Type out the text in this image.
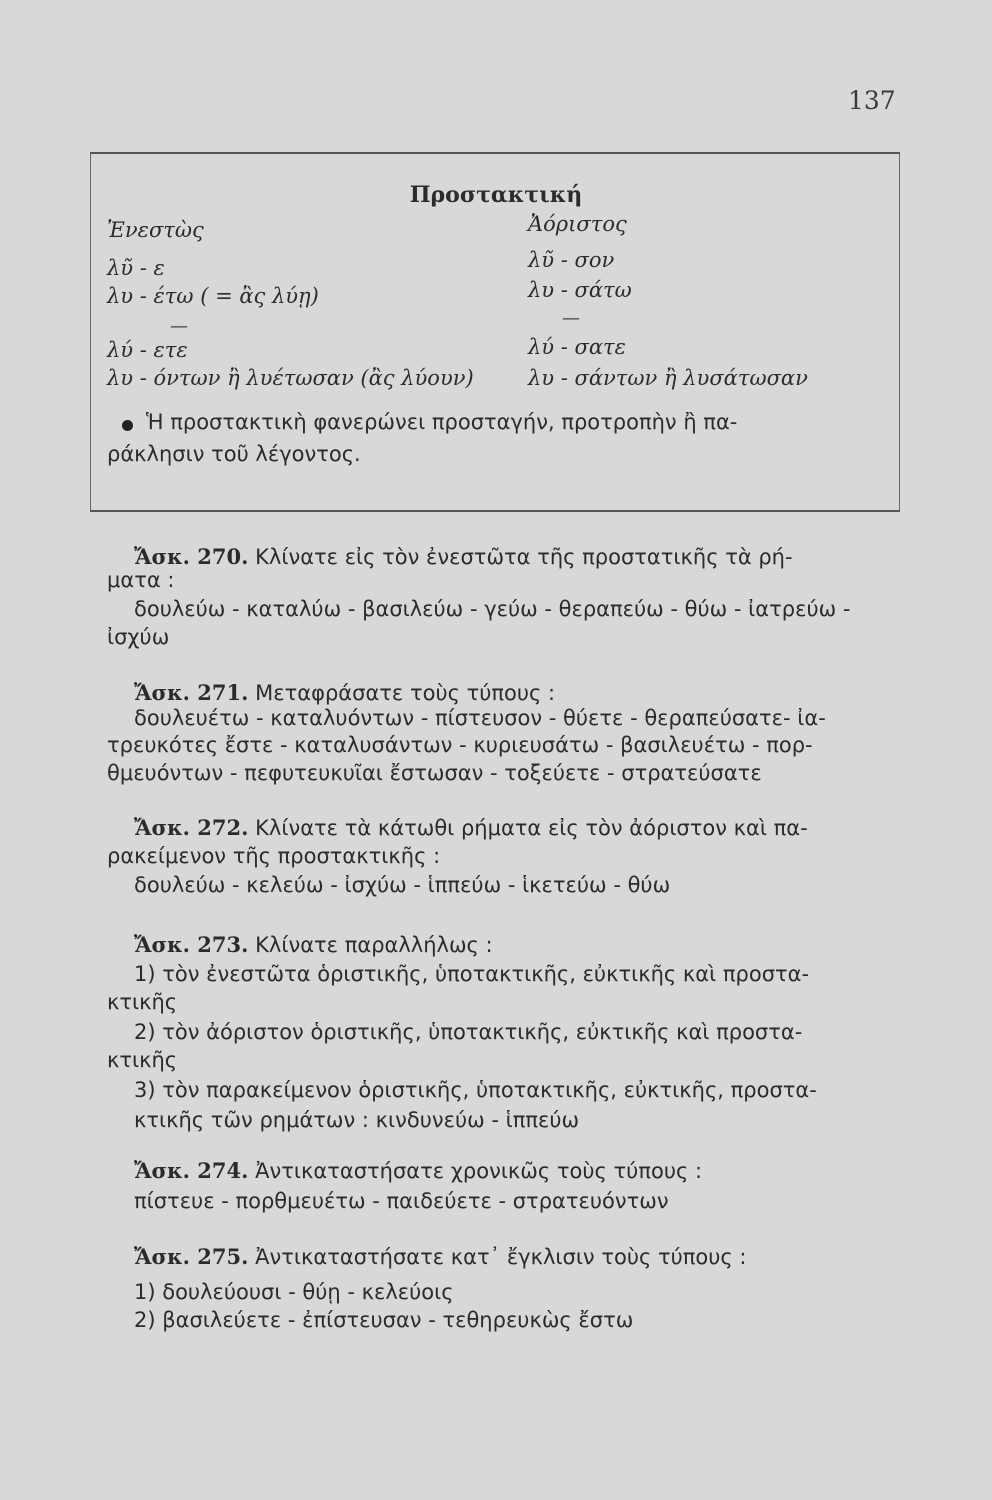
137
Προστακτική
Ἐνεστὼς
λῦ - ε
λυ - έτω ( = ἂς λύῃ)
—
λύ - ετε
λυ - όντων ἢ λυέτωσαν (ἂς λύουν)
Ἀόριστος
λῦ - σον
λυ - σάτω
—
λύ - σατε
λυ - σάντων ἢ λυσάτωσαν
Ἡ προστακτικὴ φανερώνει προσταγήν, προτροπὴν ἢ πα-
ράκλησιν τοῦ λέγοντος.
Ἄσκ. 270. Κλίνατε εἰς τὸν ἐνεστῶτα τῆς προστατικῆς τὰ ρή-
ματα :
δουλεύω - καταλύω - βασιλεύω - γεύω - θεραπεύω - θύω - ἰατρεύω -
ἰσχύω
Ἄσκ. 271. Μεταφράσατε τοὺς τύπους :
δουλευέτω - καταλυόντων - πίστευσον - θύετε - θεραπεύσατε- ἰα-
τρευκότες ἔστε - καταλυσάντων - κυριευσάτω - βασιλευέτω - πορ-
θμευόντων - πεφυτευκυῖαι ἔστωσαν - τοξεύετε - στρατεύσατε
Ἄσκ. 272. Κλίνατε τὰ κάτωθι ρήματα εἰς τὸν ἀόριστον καὶ πα-
ρακείμενον τῆς προστακτικῆς :
δουλεύω - κελεύω - ἰσχύω - ἱππεύω - ἱκετεύω - θύω
Ἄσκ. 273. Κλίνατε παραλλήλως :
1) τὸν ἐνεστῶτα ὁριστικῆς, ὑποτακτικῆς, εὐκτικῆς καὶ προστα-
κτικῆς
2) τὸν ἀόριστον ὁριστικῆς, ὑποτακτικῆς, εὐκτικῆς καὶ προστα-
κτικῆς
3) τὸν παρακείμενον ὁριστικῆς, ὑποτακτικῆς, εὐκτικῆς, προστα-
κτικῆς τῶν ρημάτων : κινδυνεύω - ἱππεύω
Ἄσκ. 274. Ἀντικαταστήσατε χρονικῶς τοὺς τύπους :
πίστευε - πορθμευέτω - παιδεύετε - στρατευόντων
Ἄσκ. 275. Ἀντικαταστήσατε κατ᾽ ἔγκλισιν τοὺς τύπους :
1) δουλεύουσι - θύῃ - κελεύοις
2) βασιλεύετε - ἐπίστευσαν - τεθηρευκὼς ἔστω
